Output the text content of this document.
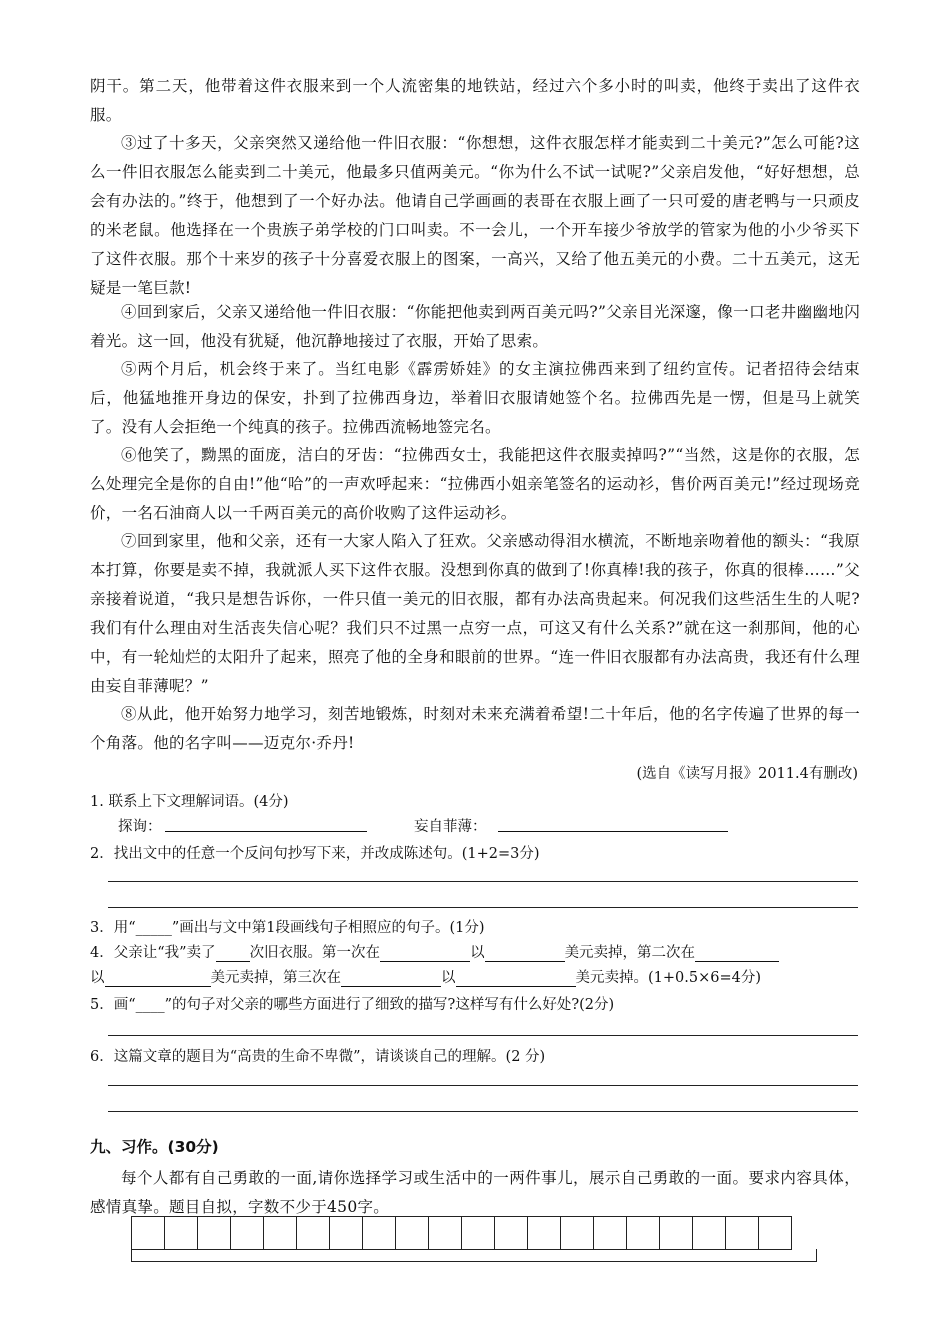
阴干。第二天，他带着这件衣服来到一个人流密集的地铁站，经过六个多小时的叫卖，他终于卖出了这件衣服。

③过了十多天，父亲突然又递给他一件旧衣服：“你想想，这件衣服怎样才能卖到二十美元?”怎么可能?这么一件旧衣服怎么能卖到二十美元，他最多只值两美元。“你为什么不试一试呢?”父亲启发他，“好好想想，总会有办法的。”终于，他想到了一个好办法。他请自己学画画的表哥在衣服上画了一只可爱的唐老鸭与一只顽皮的米老鼠。他选择在一个贵族子弟学校的门口叫卖。不一会儿，一个开车接少爷放学的管家为他的小少爷买下了这件衣服。那个十来岁的孩子十分喜爱衣服上的图案，一高兴，又给了他五美元的小费。二十五美元，这无疑是一笔巨款!

④回到家后，父亲又递给他一件旧衣服：“你能把他卖到两百美元吗?”父亲目光深邃，像一口老井幽幽地闪着光。这一回，他没有犹疑，他沉静地接过了衣服，开始了思索。

⑤两个月后，机会终于来了。当红电影《霹雳娇娃》的女主演拉佛西来到了纽约宣传。记者招待会结束后，他猛地推开身边的保安，扑到了拉佛西身边，举着旧衣服请她签个名。拉佛西先是一愣，但是马上就笑了。没有人会拒绝一个纯真的孩子。拉佛西流畅地签完名。

⑥他笑了，黝黑的面庞，洁白的牙齿：“拉佛西女士，我能把这件衣服卖掉吗?”“当然，这是你的衣服，怎么处理完全是你的自由!”他“哈”的一声欢呼起来：“拉佛西小姐亲笔签名的运动衫，售价两百美元!”经过现场竞价，一名石油商人以一千两百美元的高价收购了这件运动衫。

⑦回到家里，他和父亲，还有一大家人陷入了狂欢。父亲感动得泪水横流，不断地亲吻着他的额头：“我原本打算，你要是卖不掉，我就派人买下这件衣服。没想到你真的做到了!你真棒!我的孩子，你真的很棒……”父亲接着说道，“我只是想告诉你，一件只值一美元的旧衣服，都有办法高贵起来。何况我们这些活生生的人呢?我们有什么理由对生活丧失信心呢？我们只不过黑一点穷一点，可这又有什么关系?”就在这一刹那间，他的心中，有一轮灿烂的太阳升了起来，照亮了他的全身和眼前的世界。“连一件旧衣服都有办法高贵，我还有什么理由妄自菲薄呢？”

⑧从此，他开始努力地学习，刻苦地锻炼，时刻对未来充满着希望!二十年后，他的名字传遍了世界的每一个角落。他的名字叫——迈克尔·乔丹!

(选自《读写月报》2011.4有删改)
1. 联系上下文理解词语。(4分)
探询：	妄自菲薄：
2．找出文中的任意一个反问句抄写下来，并改成陈述句。(1+2=3分)
3．用“_____”画出与文中第1段画线句子相照应的句子。(1分)
4．父亲让“我”卖了 次旧衣服。第一次在	以	美元卖掉，第二次在
以	美元卖掉，第三次在	以	美元卖掉。(1+0.5×6=4分)
5．画“____”的句子对父亲的哪些方面进行了细致的描写?这样写有什么好处?(2分)
6．这篇文章的题目为“高贵的生命不卑微”，请谈谈自己的理解。(2 分)
九、习作。(30分)

每个人都有自己勇敢的一面,请你选择学习或生活中的一两件事儿，展示自己勇敢的一面。要求内容具体，感情真挚。题目自拟，字数不少于450字。
